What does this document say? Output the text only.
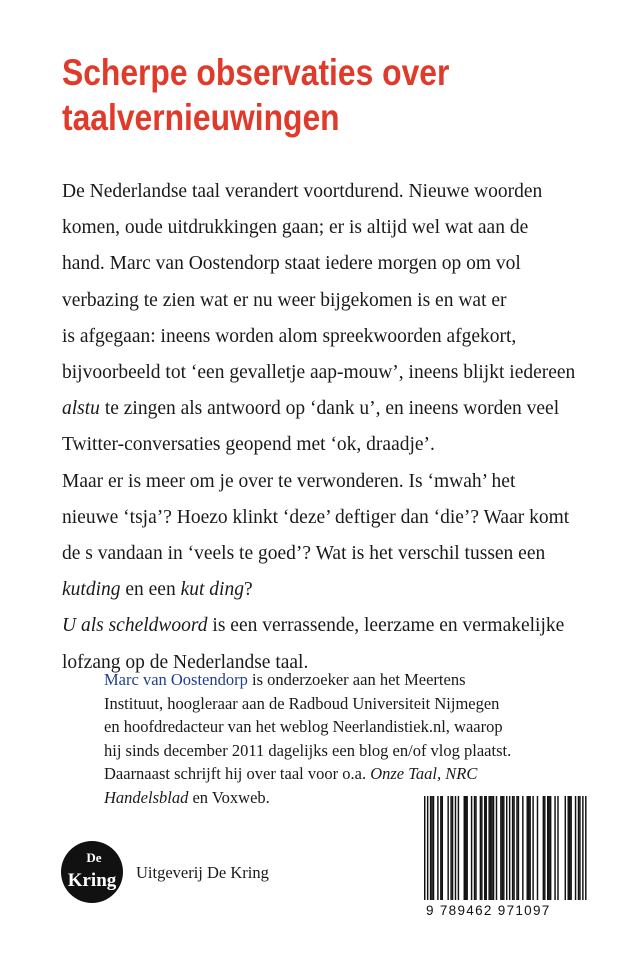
Scherpe observaties over
taalvernieuwingen
De Nederlandse taal verandert voortdurend. Nieuwe woorden
komen, oude uitdrukkingen gaan; er is altijd wel wat aan de
hand. Marc van Oostendorp staat iedere morgen op om vol
verbazing te zien wat er nu weer bijgekomen is en wat er
is afgegaan: ineens worden alom spreekwoorden afgekort,
bijvoorbeeld tot ‘een gevalletje aap-mouw’, ineens blijkt iedereen
alstu te zingen als antwoord op ‘dank u’, en ineens worden veel
Twitter-conversaties geopend met ‘ok, draadje’.
Maar er is meer om je over te verwonderen. Is ‘mwah’ het
nieuwe ‘tsja’? Hoezo klinkt ‘deze’ deftiger dan ‘die’? Waar komt
de s vandaan in ‘veels te goed’? Wat is het verschil tussen een
kutding en een kut ding?
U als scheldwoord is een verrassende, leerzame en vermakelijke
lofzang op de Nederlandse taal.
Marc van Oostendorp is onderzoeker aan het Meertens
Instituut, hoogleraar aan de Radboud Universiteit Nijmegen
en hoofdredacteur van het weblog Neerlandistiek.nl, waarop
hij sinds december 2011 dagelijks een blog en/of vlog plaatst.
Daarnaast schrijft hij over taal voor o.a. Onze Taal, NRC
Handelsblad en Voxweb.
De
Kring Uitgeverij De Kring
9 789462 971097
